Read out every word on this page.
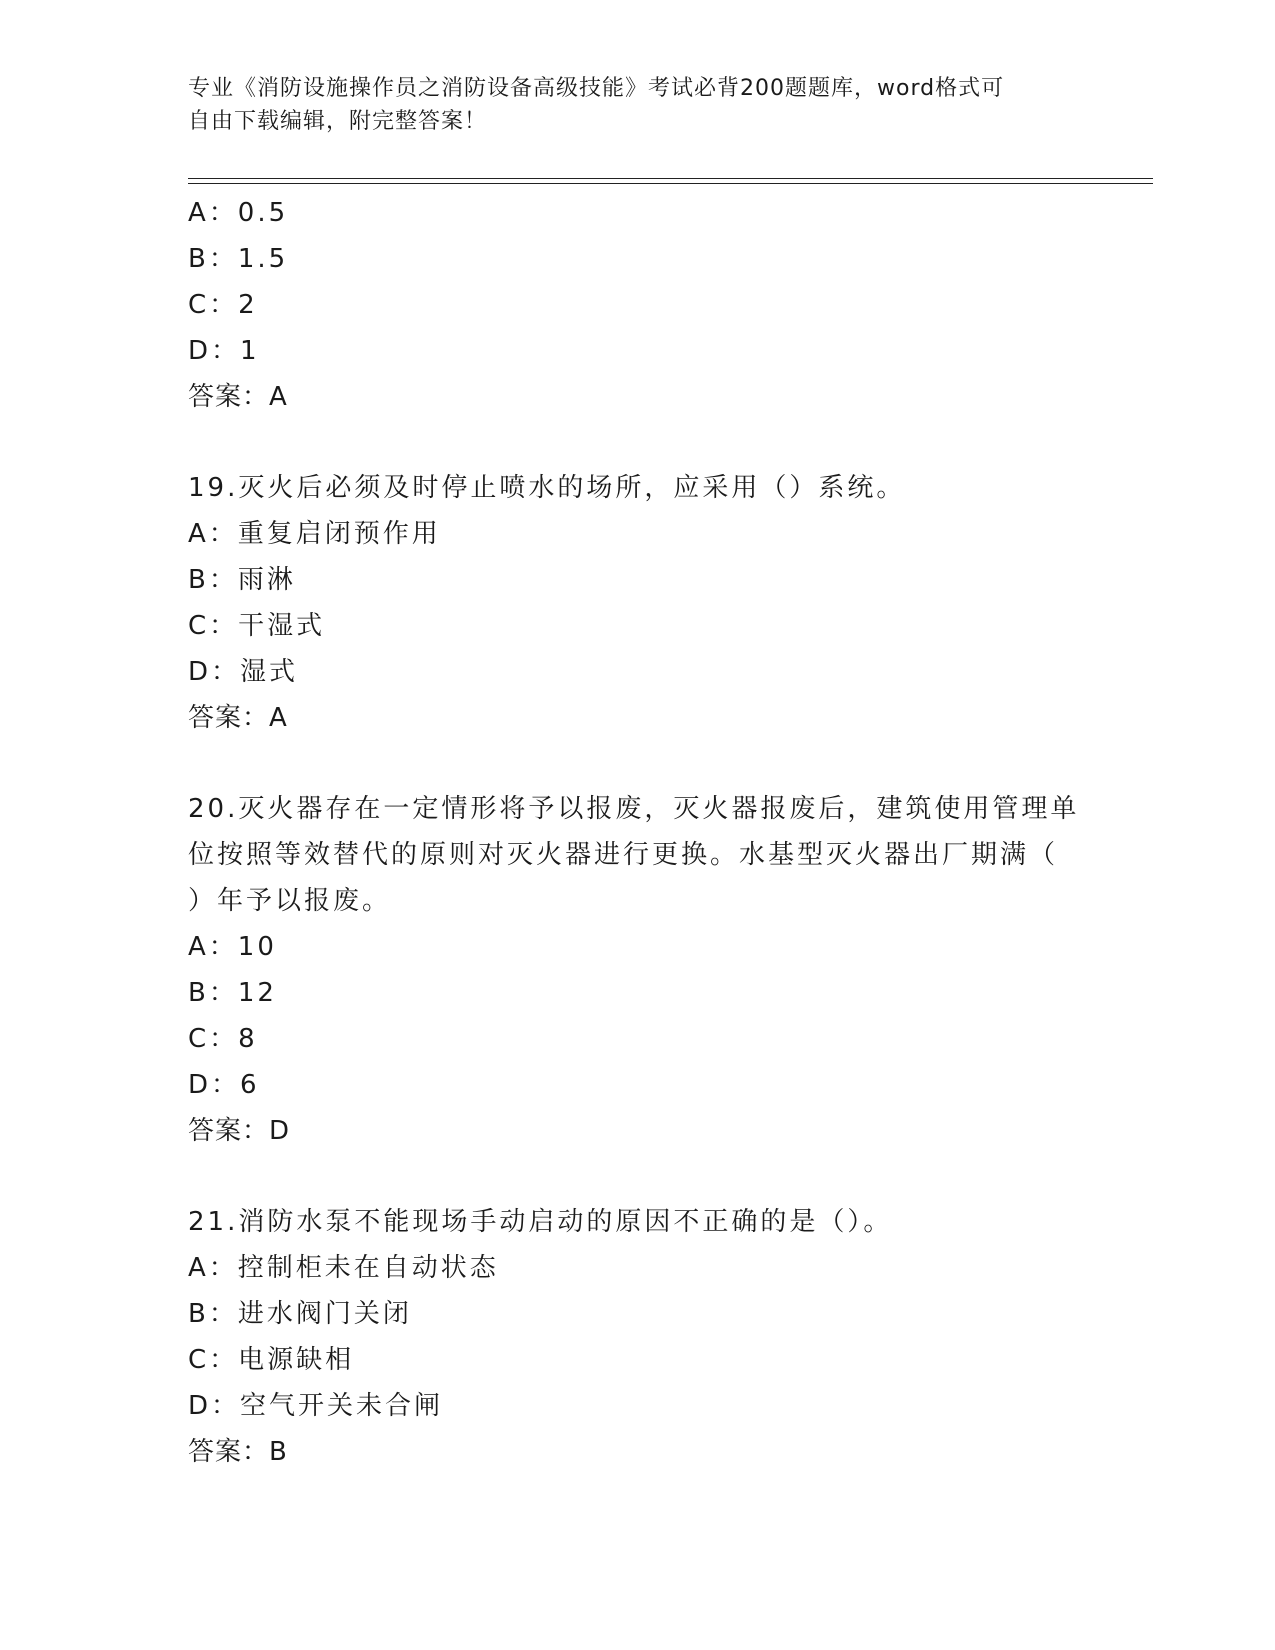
专业《消防设施操作员之消防设备高级技能》考试必背200题题库，word格式可
自由下载编辑，附完整答案！
A：0.5
B：1.5
C：2
D：1
答案：A
19.灭火后必须及时停止喷水的场所，应采用（）系统。
A：重复启闭预作用
B：雨淋
C：干湿式
D：湿式
答案：A
20.灭火器存在一定情形将予以报废，灭火器报废后，建筑使用管理单
位按照等效替代的原则对灭火器进行更换。水基型灭火器出厂期满（
）年予以报废。
A：10
B：12
C：8
D：6
答案：D
21.消防水泵不能现场手动启动的原因不正确的是（）。
A：控制柜未在自动状态
B：进水阀门关闭
C：电源缺相
D：空气开关未合闸
答案：B
